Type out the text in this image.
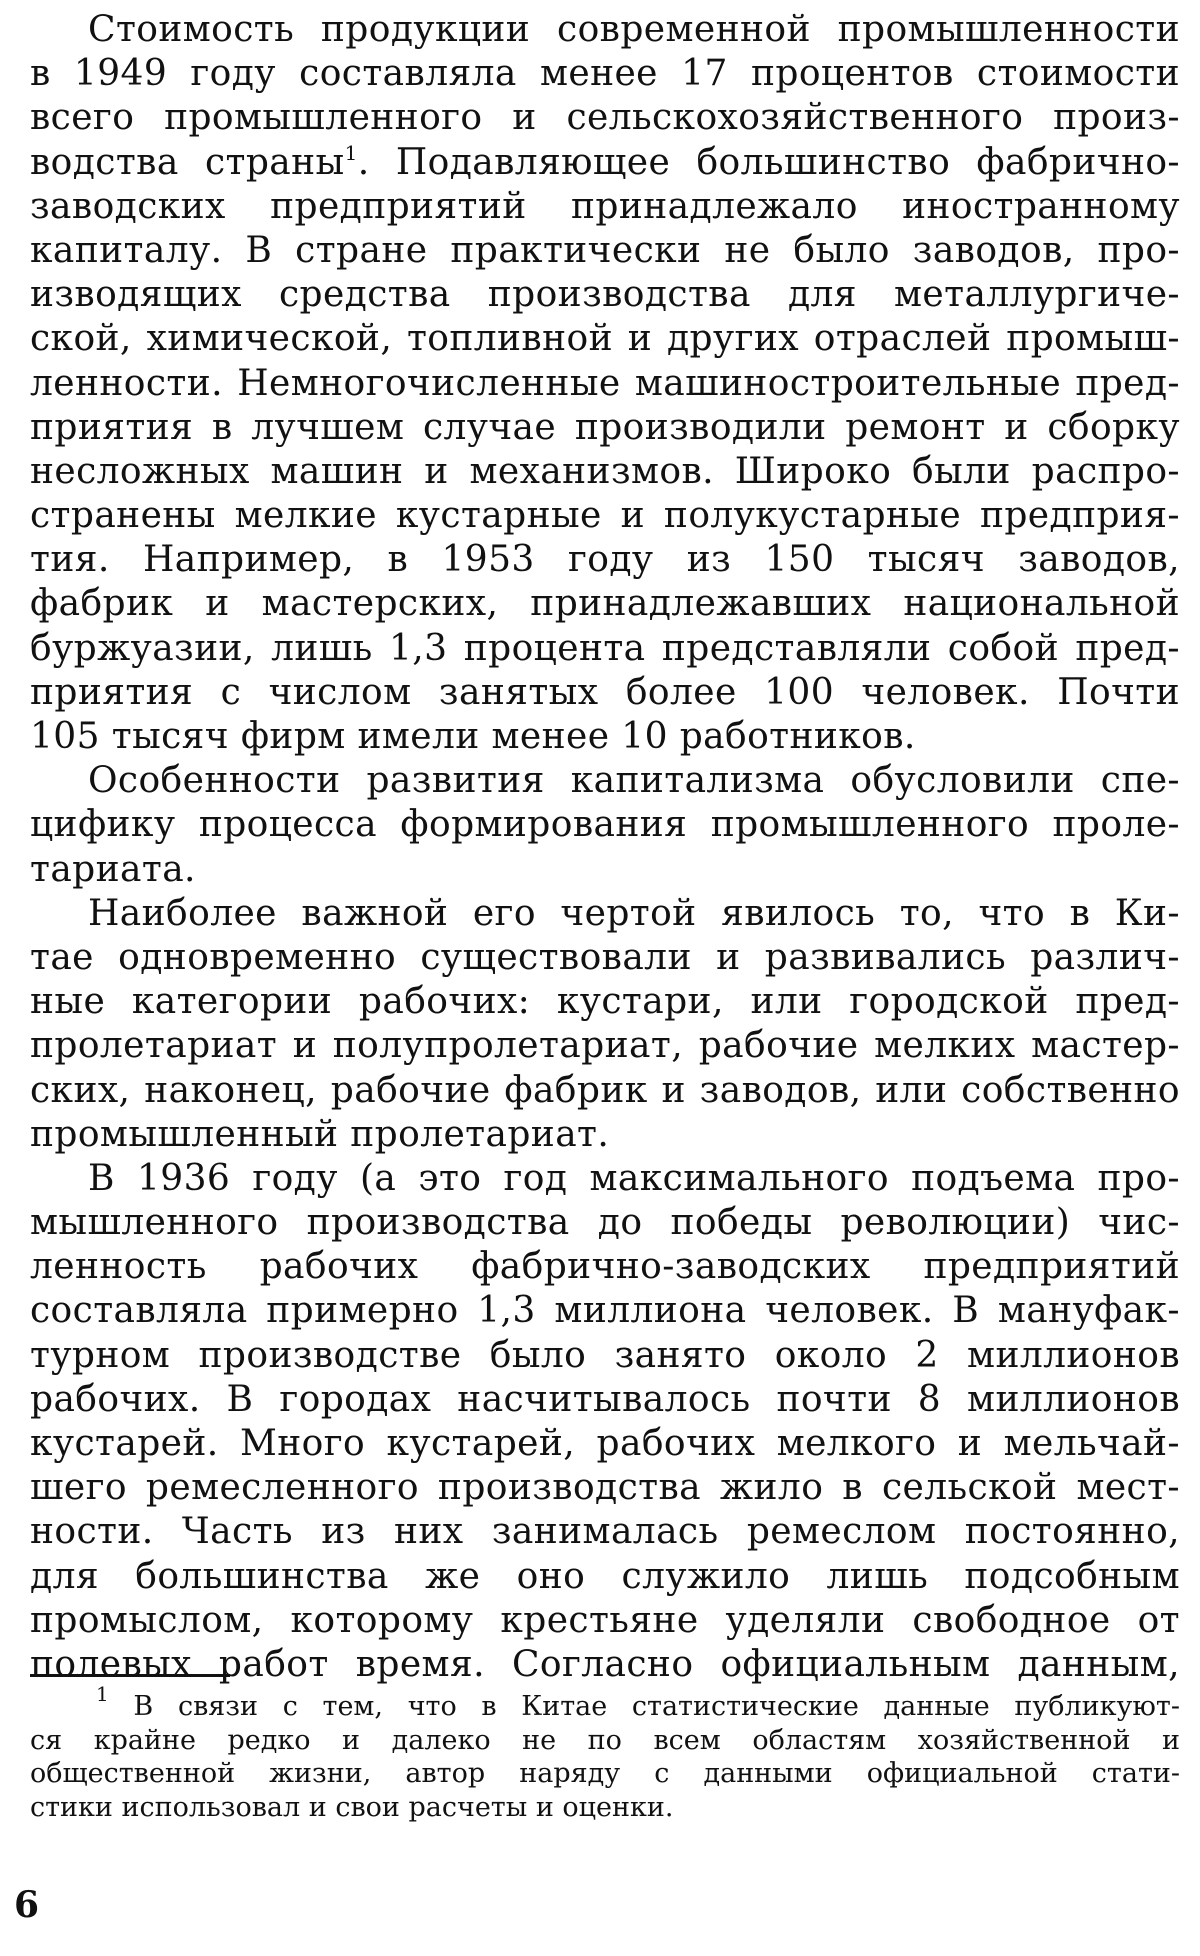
Стоимость продукции современной промышленности
в 1949 году составляла менее 17 процентов стоимости
всего промышленного и сельскохозяйственного произ-
водства страны$^1$. Подавляющее большинство фабрично-
заводских предприятий принадлежало иностранному
капиталу. В стране практически не было заводов, про-
изводящих средства производства для металлургиче-
ской, химической, топливной и других отраслей промыш-
ленности. Немногочисленные машиностроительные пред-
приятия в лучшем случае производили ремонт и сборку
несложных машин и механизмов. Широко были распро-
странены мелкие кустарные и полукустарные предприя-
тия. Например, в 1953 году из 150 тысяч заводов,
фабрик и мастерских, принадлежавших национальной
буржуазии, лишь 1,3 процента представляли собой пред-
приятия с числом занятых более 100 человек. Почти
105 тысяч фирм имели менее 10 работников.
Особенности развития капитализма обусловили спе-
цифику процесса формирования промышленного проле-
тариата.
Наиболее важной его чертой явилось то, что в Ки-
тае одновременно существовали и развивались различ-
ные категории рабочих: кустари, или городской пред-
пролетариат и полупролетариат, рабочие мелких мастер-
ских, наконец, рабочие фабрик и заводов, или собственно
промышленный пролетариат.
В 1936 году (а это год максимального подъема про-
мышленного производства до победы революции) чис-
ленность рабочих фабрично-заводских предприятий
составляла примерно 1,3 миллиона человек. В мануфак-
турном производстве было занято около 2 миллионов
рабочих. В городах насчитывалось почти 8 миллионов
кустарей. Много кустарей, рабочих мелкого и мельчай-
шего ремесленного производства жило в сельской мест-
ности. Часть из них занималась ремеслом постоянно,
для большинства же оно служило лишь подсобным
промыслом, которому крестьяне уделяли свободное от
полевых работ время. Согласно официальным данным,
$^1$ В связи с тем, что в Китае статистические данные публикуют-
ся крайне редко и далеко не по всем областям хозяйственной и
общественной жизни, автор наряду с данными официальной стати-
стики использовал и свои расчеты и оценки.
6
